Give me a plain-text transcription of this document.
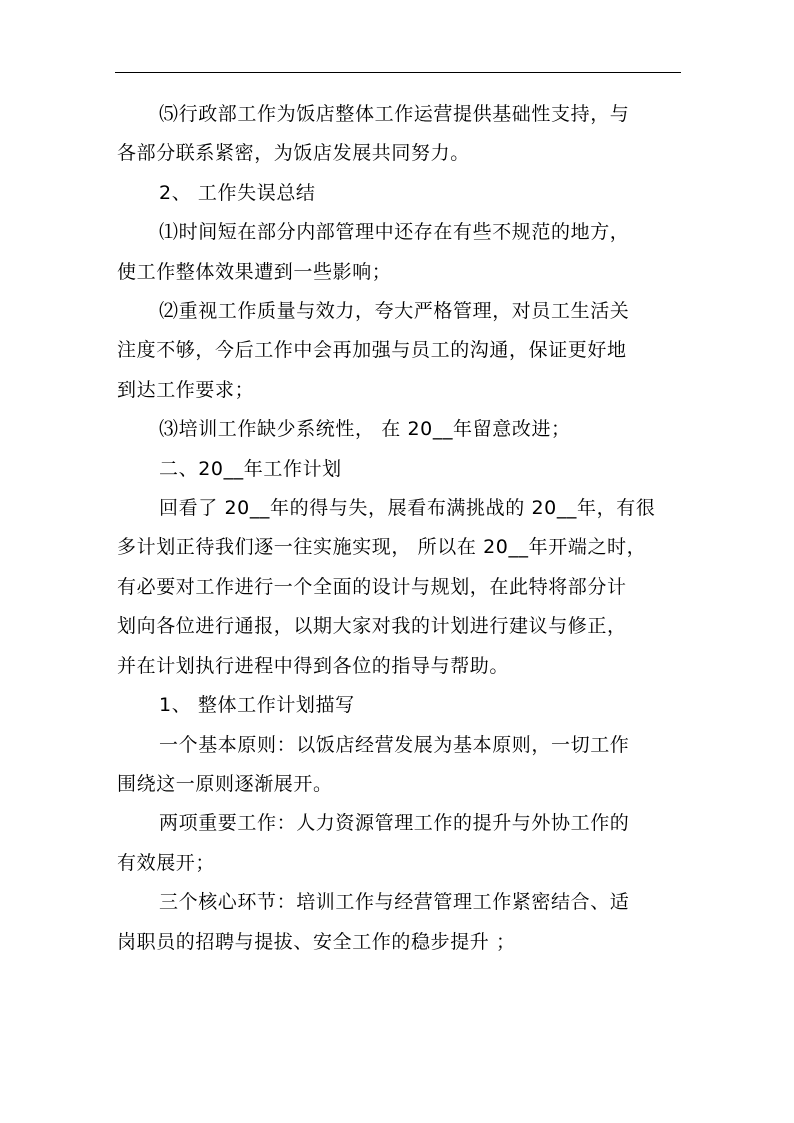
⑸行政部工作为饭店整体工作运营提供基础性支持，与

各部分联系紧密，为饭店发展共同努力。

2、 工作失误总结

⑴时间短在部分内部管理中还存在有些不规范的地方，

使工作整体效果遭到一些影响；

⑵重视工作质量与效力，夸大严格管理，对员工生活关

注度不够，今后工作中会再加强与员工的沟通，保证更好地

到达工作要求；

⑶培训工作缺少系统性， 在 20__年留意改进；

二、20__年工作计划

回看了 20__年的得与失，展看布满挑战的 20__年，有很

多计划正待我们逐一往实施实现， 所以在 20__年开端之时，

有必要对工作进行一个全面的设计与规划，在此特将部分计

划向各位进行通报，以期大家对我的计划进行建议与修正，

并在计划执行进程中得到各位的指导与帮助。

1、 整体工作计划描写

一个基本原则：以饭店经营发展为基本原则，一切工作

围绕这一原则逐渐展开。

两项重要工作：人力资源管理工作的提升与外协工作的

有效展开；

三个核心环节：培训工作与经营管理工作紧密结合、适

岗职员的招聘与提拔、安全工作的稳步提升 ；
